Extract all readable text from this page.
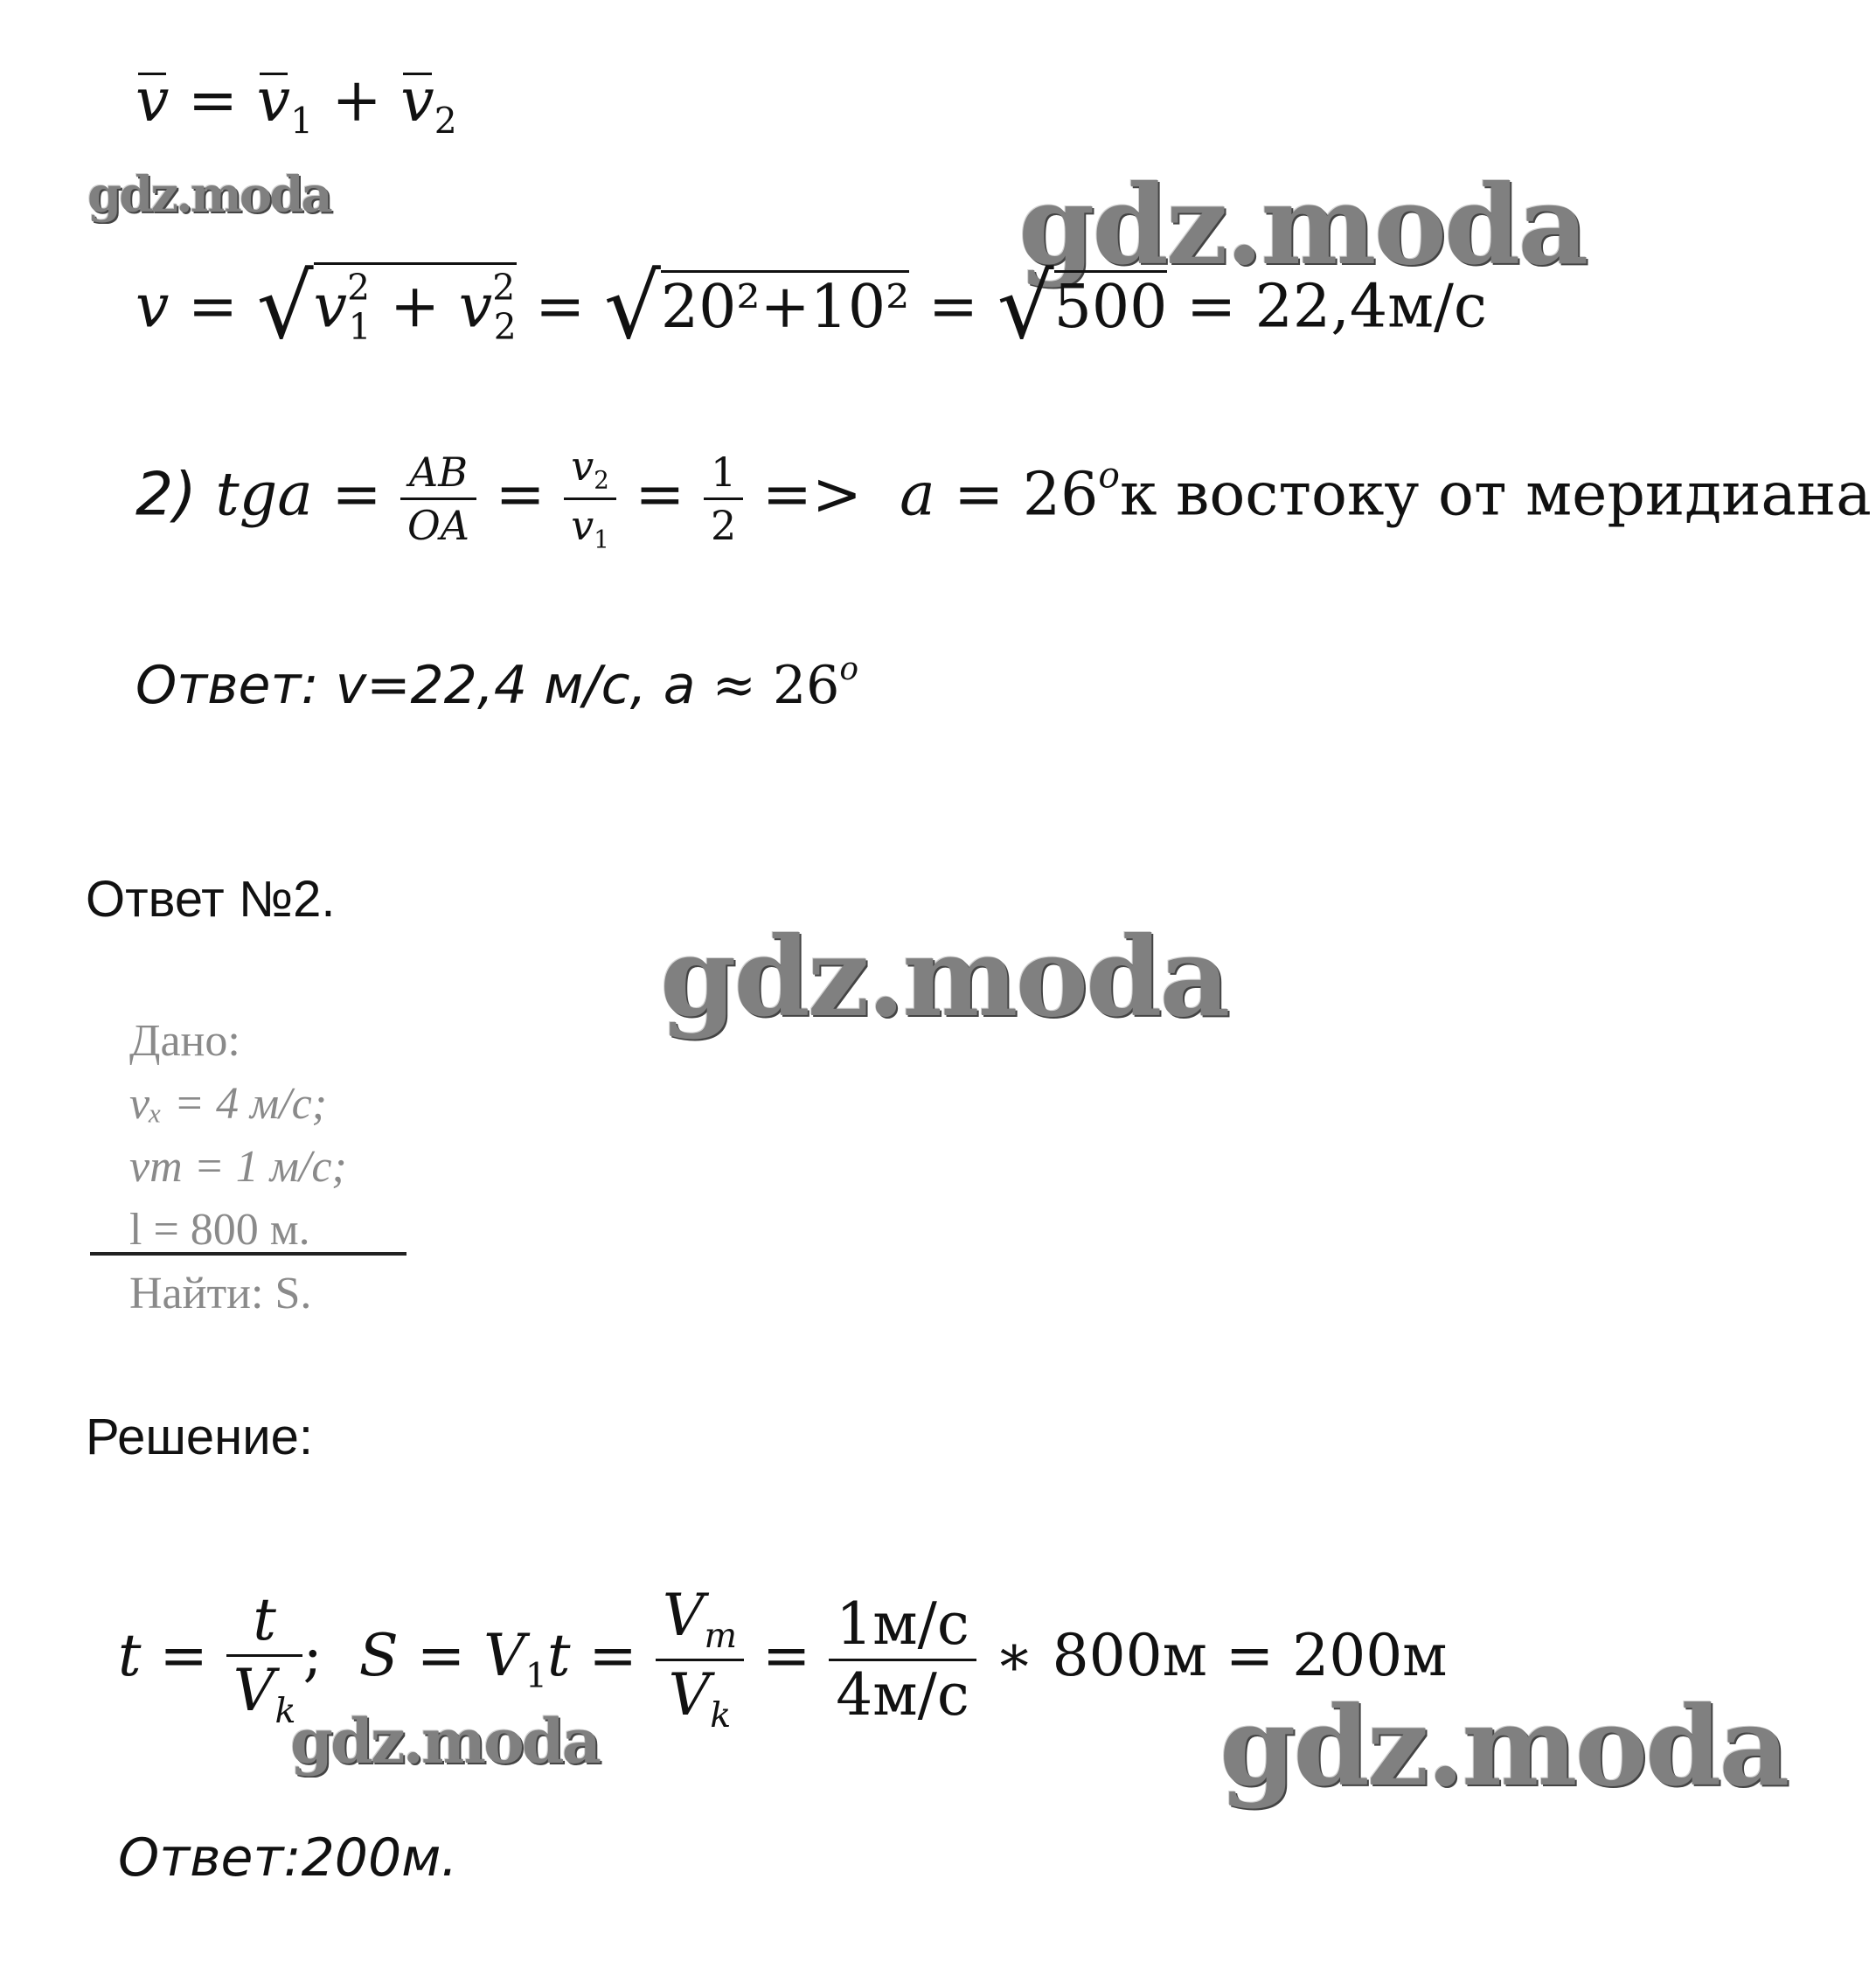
$v = v_1 + v_2$
gdz.moda	gdz.moda
$v = √v^2_1 + v^2_2 = √20^2+10^2 = √500 = 22,4м/с$
2) tga = $\frac{AB}{OA} = \frac{v_2}{v_1} = \frac{1}{2} => a = 26^oк$ востоку от меридиана
Ответ: v=22,4 м/с, $а \approx 26^o$
Ответ №2.
gdz.moda
Дано:
vₓ = 4 м/с;
vт = 1 м/с;
l = 800 м.
Найти: S.
Решение:
$t = \frac{t}{V_k}$ ; $S = V_1t = \frac{V_m}{V_k} = \frac{1м/с}{4м/с}$ ∗ 800м = 200м
gdz.moda	gdz.moda
Ответ:200м.
